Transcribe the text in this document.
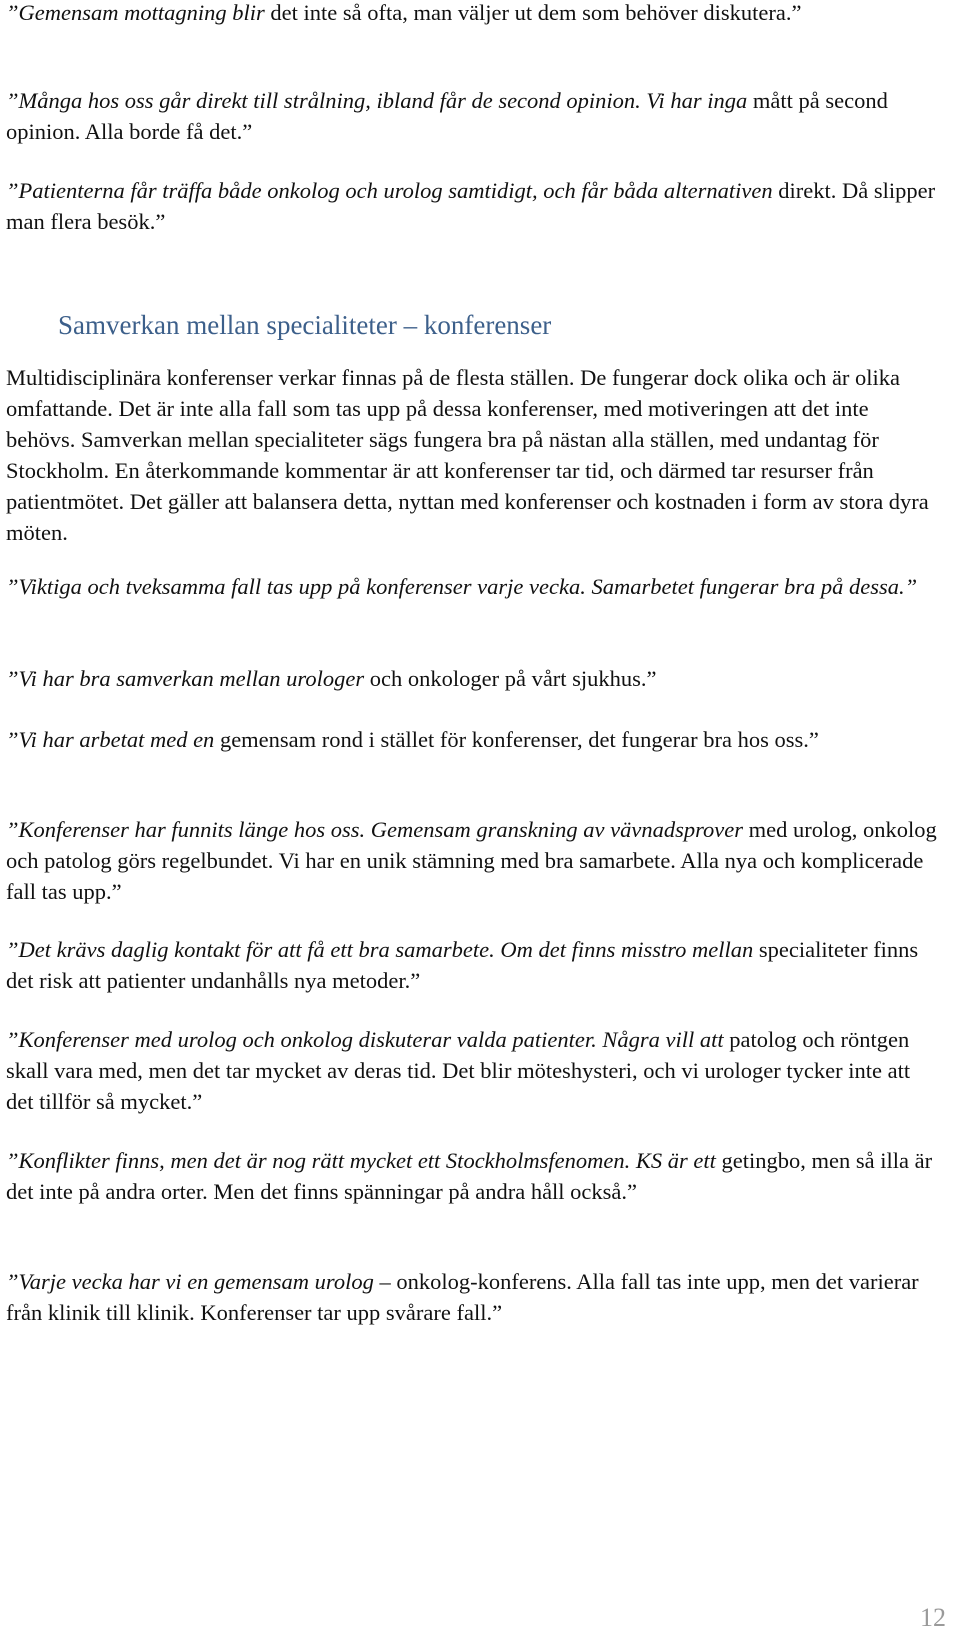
”Gemensam mottagning blir det inte så ofta, man väljer ut dem som behöver diskutera.”

”Många hos oss går direkt till strålning, ibland får de second opinion. Vi har inga mått på second opinion. Alla borde få det.”

”Patienterna får träffa både onkolog och urolog samtidigt, och får båda alternativen direkt. Då slipper man flera besök.”

Samverkan mellan specialiteter – konferenser

Multidisciplinära konferenser verkar finnas på de flesta ställen. De fungerar dock olika och är olika omfattande. Det är inte alla fall som tas upp på dessa konferenser, med motiveringen att det inte behövs. Samverkan mellan specialiteter sägs fungera bra på nästan alla ställen, med undantag för Stockholm. En återkommande kommentar är att konferenser tar tid, och därmed tar resurser från patientmötet. Det gäller att balansera detta, nyttan med konferenser och kostnaden i form av stora dyra möten.

”Viktiga och tveksamma fall tas upp på konferenser varje vecka. Samarbetet fungerar bra på dessa.”

”Vi har bra samverkan mellan urologer och onkologer på vårt sjukhus.”

”Vi har arbetat med en gemensam rond i stället för konferenser, det fungerar bra hos oss.”

”Konferenser har funnits länge hos oss. Gemensam granskning av vävnadsprover med urolog, onkolog och patolog görs regelbundet. Vi har en unik stämning med bra samarbete. Alla nya och komplicerade fall tas upp.”

”Det krävs daglig kontakt för att få ett bra samarbete. Om det finns misstro mellan specialiteter finns det risk att patienter undanhålls nya metoder.”

”Konferenser med urolog och onkolog diskuterar valda patienter. Några vill att patolog och röntgen skall vara med, men det tar mycket av deras tid. Det blir möteshysteri, och vi urologer tycker inte att det tillför så mycket.”

”Konflikter finns, men det är nog rätt mycket ett Stockholmsfenomen. KS är ett getingbo, men så illa är det inte på andra orter. Men det finns spänningar på andra håll också.”

”Varje vecka har vi en gemensam urolog – onkolog-konferens. Alla fall tas inte upp, men det varierar från klinik till klinik. Konferenser tar upp svårare fall.”

12
